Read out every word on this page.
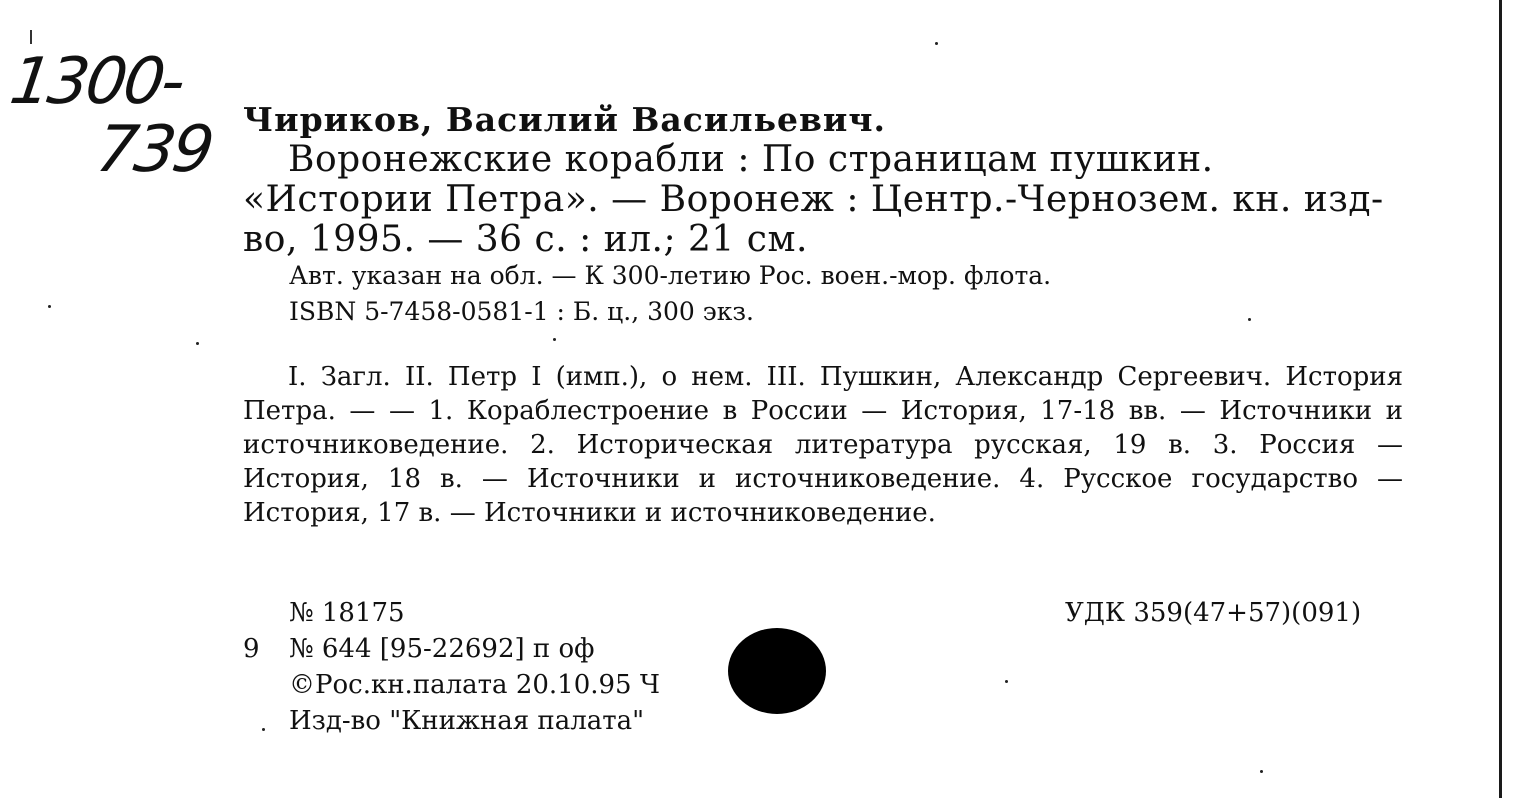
1300-
739 Чириков, Василий Васильевич.
Воронежские корабли : По страницам пушкин. «Истории Петра». — Воронеж : Центр.-Чернозем. кн. изд-во, 1995. — 36 с. : ил.; 21 см.
Авт. указан на обл. — К 300-летию Рос. воен.-мор. флота.
ISBN 5-7458-0581-1 : Б. ц., 300 экз.
I. Загл. II. Петр I (имп.), о нем. III. Пушкин, Александр Сергеевич. История Петра. — — 1. Кораблестроение в России — История, 17-18 вв. — Источники и источниковедение. 2. Историческая литература русская, 19 в. 3. Россия — История, 18 в. — Источники и источниковедение. 4. Русское государство — История, 17 в. — Источники и источниковедение.
№ 18175
№ 644 [95-22692] п оф
©Рос.кн.палата 20.10.95 Ч
Изд-во "Книжная палата"
9
УДК 359(47+57)(091)
